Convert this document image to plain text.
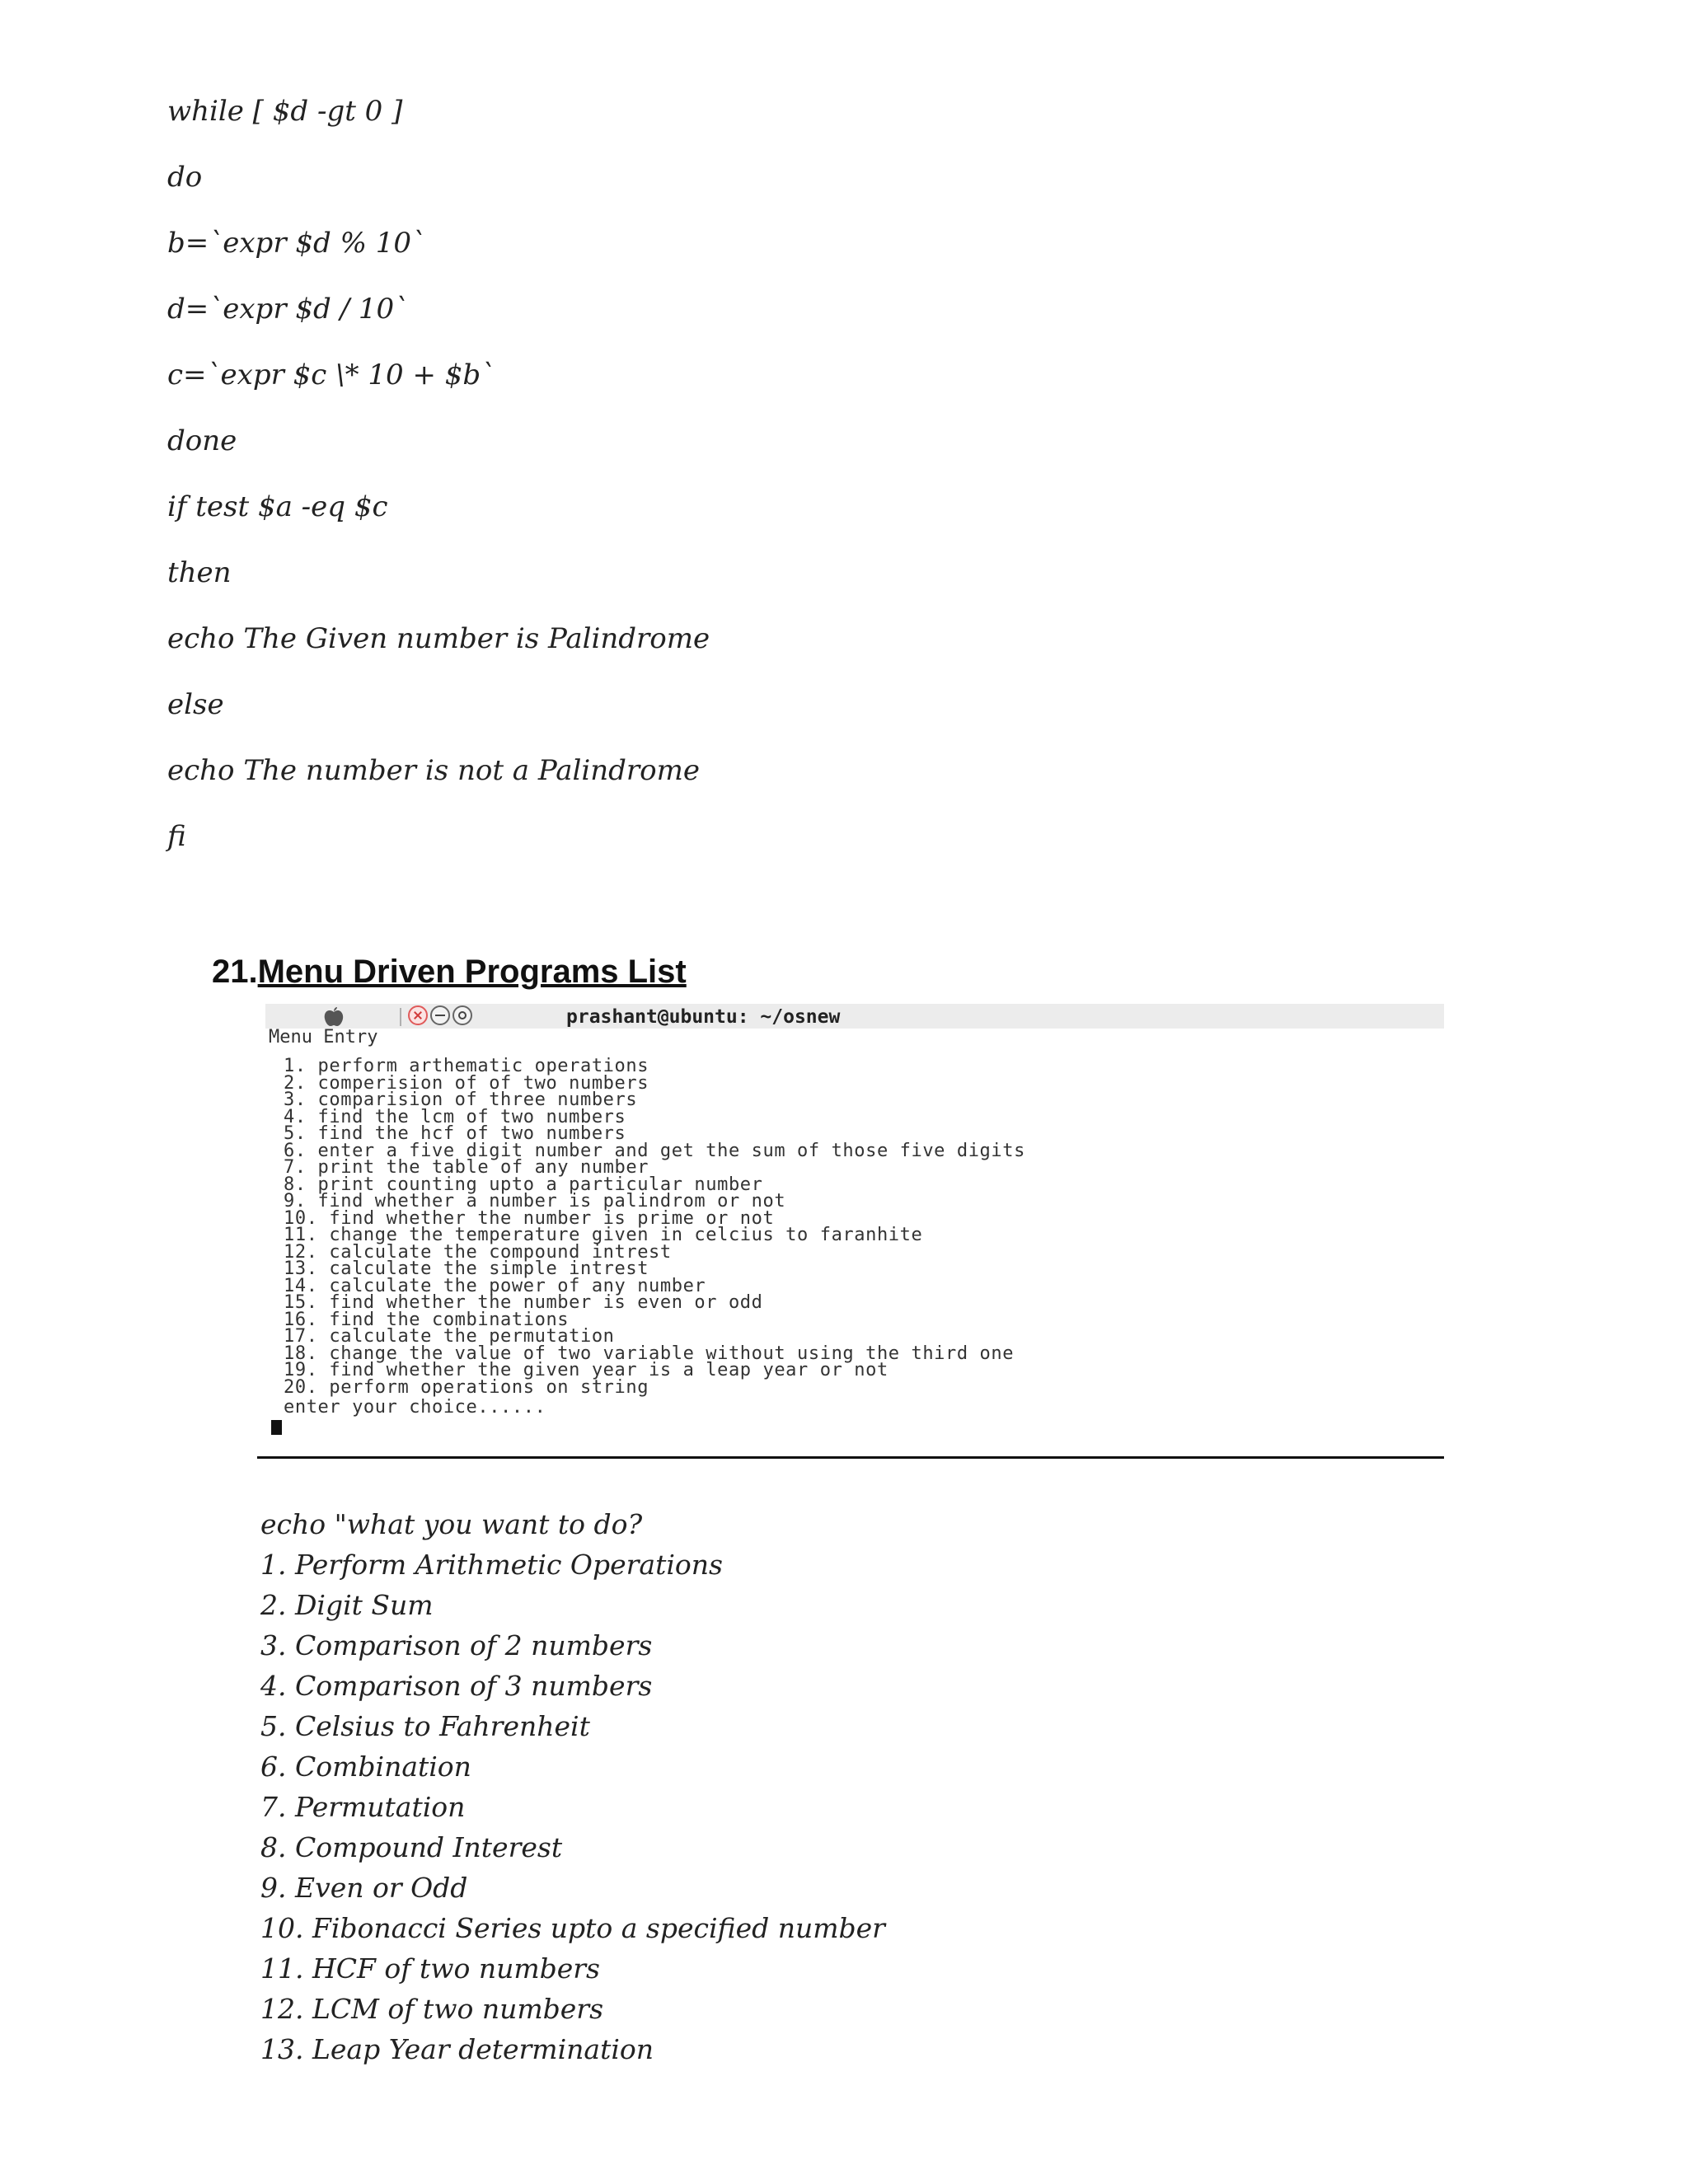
while [ $d -gt 0 ]
do
b=`expr $d % 10`
d=`expr $d / 10`
c=`expr $c \* 10 + $b`
done
if test $a -eq $c
then
echo The Given number is Palindrome
else
echo The number is not a Palindrome
fi
21.Menu Driven Programs List
prashant@ubuntu: ~/osnew
Menu Entry
1. perform arthematic operations
2. comperision of of two numbers
3. comparision of three numbers
4. find the lcm of two numbers
5. find the hcf of two numbers
6. enter a five digit number and get the sum of those five digits
7. print the table of any number
8. print counting upto a particular number
9. find whether a number is palindrom or not
10. find whether the number is prime or not
11. change the temperature given in celcius to faranhite
12. calculate the compound intrest
13. calculate the simple intrest
14. calculate the power of any number
15. find whether the number is even or odd
16. find the combinations
17. calculate the permutation
18. change the value of two variable without using the third one
19. find whether the given year is a leap year or not
20. perform operations on string
enter your choice......
echo "what you want to do?
1. Perform Arithmetic Operations
2. Digit Sum
3. Comparison of 2 numbers
4. Comparison of 3 numbers
5. Celsius to Fahrenheit
6. Combination
7. Permutation
8. Compound Interest
9. Even or Odd
10. Fibonacci Series upto a specified number
11. HCF of two numbers
12. LCM of two numbers
13. Leap Year determination
